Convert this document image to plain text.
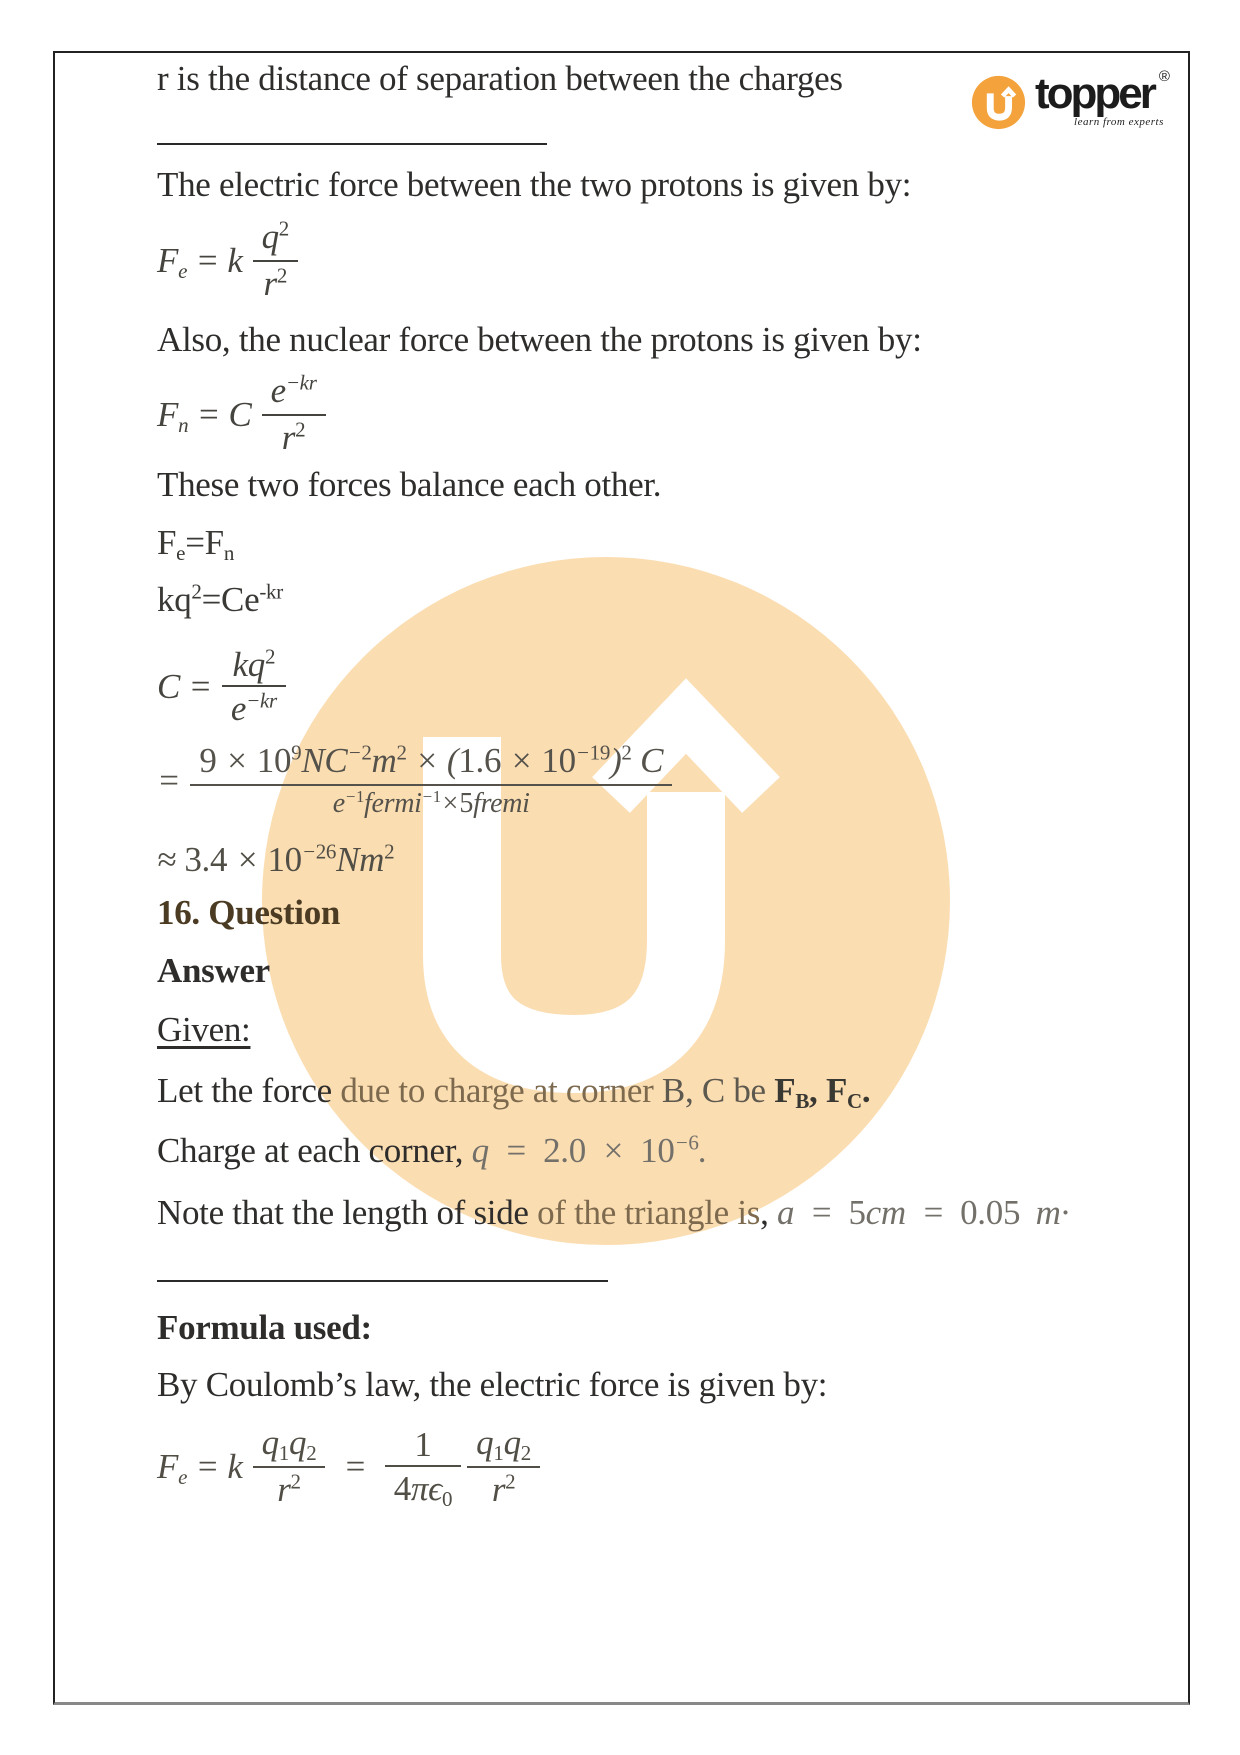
topper ®
learn from experts
r is the distance of separation between the charges
The electric force between the two protons is given by:
$F_e = k \frac{q^2}{r^2}$
Also, the nuclear force between the protons is given by:
$F_n = C \frac{e^{-kr}}{r^2}$
These two forces balance each other.
$F_e=F_n$
$kq^2=Ce^{-kr}$
$C = \frac{kq^2}{e^{-kr}}$
= $\frac{9 \times 10^9NC^{-2}m^2 \times (1.6 \times 10^{-19})^2 C}{e^{-1}fermi^{-1}\times 5fremi}$
≈ $3.4 \times 10^{-26}Nm^2$
16. Question
Answer
Given:
Let the force due to charge at corner B, C be $F_B$, $F_C$.
Charge at each corner, $q = 2.0 \times 10^{-6}$.
Note that the length of side of the triangle is, a = 5cm = 0.05 m·
Formula used:
By Coulomb’s law, the electric force is given by:
$F_e = k \frac{q_1q_2}{r^2} = \frac{1}{4\pi\epsilon_0} \frac{q_1q_2}{r^2}$
